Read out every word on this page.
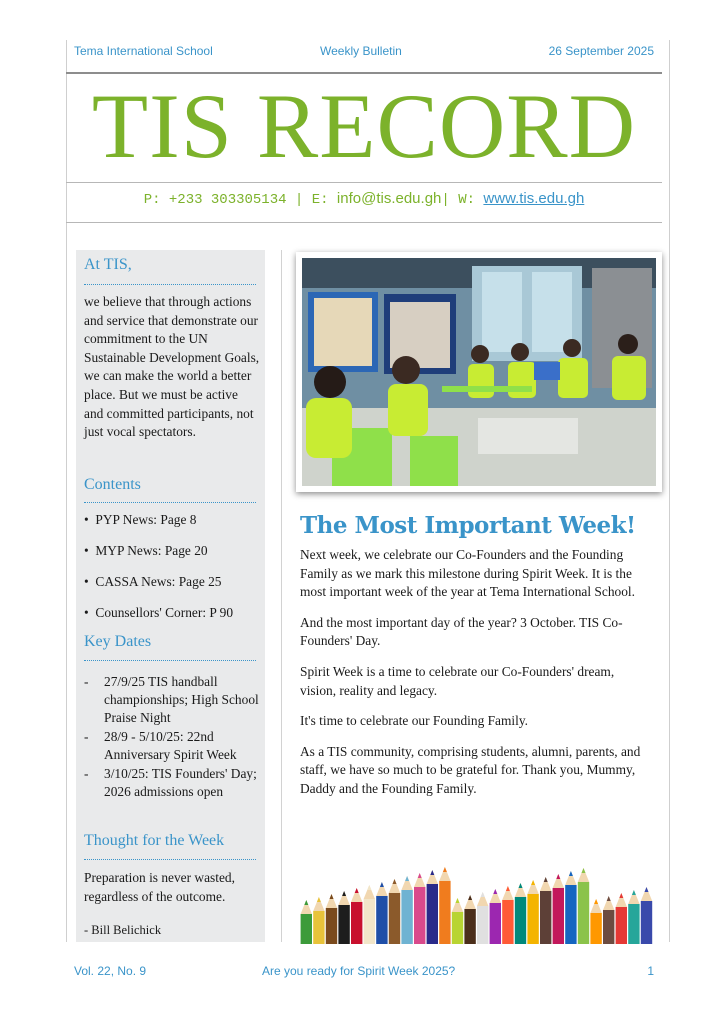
Tema International School	Weekly Bulletin	26 September 2025
TIS RECORD
P: +233 303305134 | E: info@tis.edu.gh| W: www.tis.edu.gh
At TIS,
we believe that through actions and service that demonstrate our commitment to the UN Sustainable Development Goals, we can make the world a better place. But we must be active and committed participants, not just vocal spectators.
Contents
•  PYP News: Page 8
•  MYP News: Page 20
•  CASSA News: Page 25
•  Counsellors' Corner: P 90
Key Dates
- 27/9/25 TIS handball championships; High School Praise Night
- 28/9 - 5/10/25: 22nd Anniversary Spirit Week
- 3/10/25: TIS Founders' Day; 2026 admissions open
Thought for the Week
Preparation is never wasted, regardless of the outcome.
- Bill Belichick
The Most Important Week!

Next week, we celebrate our Co-Founders and the Founding Family as we mark this milestone during Spirit Week. It is the most important week of the year at Tema International School.

And the most important day of the year? 3 October. TIS Co-Founders' Day.

Spirit Week is a time to celebrate our Co-Founders' dream, vision, reality and legacy.

It's time to celebrate our Founding Family.

As a TIS community, comprising students, alumni, parents, and staff, we have so much to be grateful for. Thank you, Mummy, Daddy and the Founding Family.

Vol. 22, No. 9	Are you ready for Spirit Week 2025?	1
